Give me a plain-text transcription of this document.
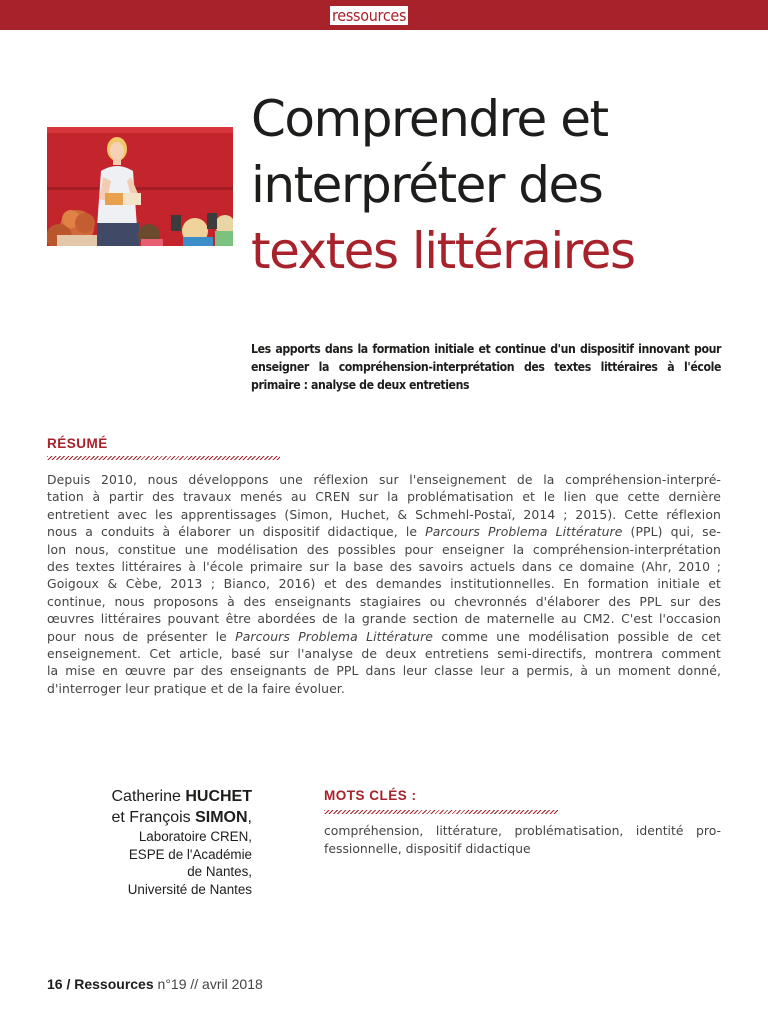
ressources
Comprendre et
interpréter des
textes littéraires

Les apports dans la formation initiale et continue d'un dispositif innovant pour enseigner la compréhension-interprétation des textes littéraires à l'école primaire : analyse de deux entretiens

RÉSUMÉ
Depuis 2010, nous développons une réflexion sur l'enseignement de la compréhension-interpré-
tation à partir des travaux menés au CREN sur la problématisation et le lien que cette dernière
entretient avec les apprentissages (Simon, Huchet, & Schmehl-Postaï, 2014 ; 2015). Cette réflexion
nous a conduits à élaborer un dispositif didactique, le Parcours Problema Littérature (PPL) qui, se-
lon nous, constitue une modélisation des possibles pour enseigner la compréhension-interprétation
des textes littéraires à l'école primaire sur la base des savoirs actuels dans ce domaine (Ahr, 2010 ;
Goigoux & Cèbe, 2013 ; Bianco, 2016) et des demandes institutionnelles. En formation initiale et
continue, nous proposons à des enseignants stagiaires ou chevronnés d'élaborer des PPL sur des
œuvres littéraires pouvant être abordées de la grande section de maternelle au CM2. C'est l'occasion
pour nous de présenter le Parcours Problema Littérature comme une modélisation possible de cet
enseignement. Cet article, basé sur l'analyse de deux entretiens semi-directifs, montrera comment
la mise en œuvre par des enseignants de PPL dans leur classe leur a permis, à un moment donné,
d'interroger leur pratique et de la faire évoluer.
Catherine HUCHET
et François SIMON,
Laboratoire CREN,
ESPE de l'Académie
de Nantes,
Université de Nantes
MOTS CLÉS :
compréhension, littérature, problématisation, identité pro-
fessionnelle, dispositif didactique
16 / Ressources n°19 // avril 2018
